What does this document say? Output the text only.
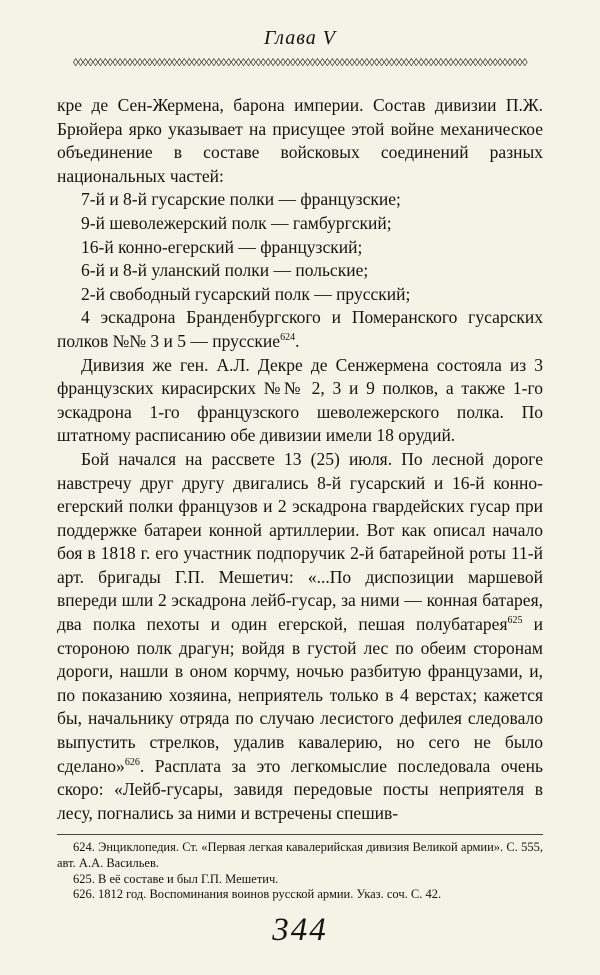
Глава V
◊◊◊◊◊◊◊◊◊◊◊◊◊◊◊◊◊◊◊◊◊◊◊◊◊◊◊◊◊◊◊◊◊◊◊◊◊◊◊◊◊◊◊◊◊◊◊◊◊◊◊◊◊◊◊◊◊◊◊◊◊◊◊◊◊◊◊◊◊◊◊◊◊◊◊◊◊◊◊◊◊◊◊◊◊◊◊◊◊◊◊◊

кре де Сен-Жермена, барона империи. Состав дивизии П.Ж. Брюйера ярко указывает на присущее этой войне механическое объединение в составе войсковых соединений разных национальных частей:

7-й и 8-й гусарские полки — французские;

9-й шеволежерский полк — гамбургский;

16-й конно-егерский — французский;

6-й и 8-й уланский полки — польские;

2-й свободный гусарский полк — прусский;

4 эскадрона Бранденбургского и Померанского гусарских полков №№ 3 и 5 — прусские$^{624}$.

Дивизия же ген. А.Л. Декре де Сенжермена состояла из 3 французских кирасирских №№ 2, 3 и 9 полков, а также 1-го эскадрона 1-го французского шеволежерского полка. По штатному расписанию обе дивизии имели 18 орудий.

Бой начался на рассвете 13 (25) июля. По лесной дороге навстречу друг другу двигались 8-й гусарский и 16-й конно-егерский полки французов и 2 эскадрона гвардейских гусар при поддержке батареи конной артиллерии. Вот как описал начало боя в 1818 г. его участник подпоручик 2-й батарейной роты 11-й арт. бригады Г.П. Мешетич: «...По диспозиции маршевой впереди шли 2 эскадрона лейб-гусар, за ними — конная батарея, два полка пехоты и один егерской, пешая полубатарея$^{625}$ и стороною полк драгун; войдя в густой лес по обеим сторонам дороги, нашли в оном корчму, ночью разбитую французами, и, по показанию хозяина, неприятель только в 4 верстах; кажется бы, начальнику отряда по случаю лесистого дефилея следовало выпустить стрелков, удалив кавалерию, но сего не было сделано»$^{626}$. Расплата за это легкомыслие последовала очень скоро: «Лейб-гусары, завидя передовые посты неприятеля в лесу, погнались за ними и встречены спешив-

624. Энциклопедия. Ст. «Первая легкая кавалерийская дивизия Великой армии». С. 555, авт. А.А. Васильев.

625. В её составе и был Г.П. Мешетич.

626. 1812 год. Воспоминания воинов русской армии. Указ. соч. С. 42.

344
